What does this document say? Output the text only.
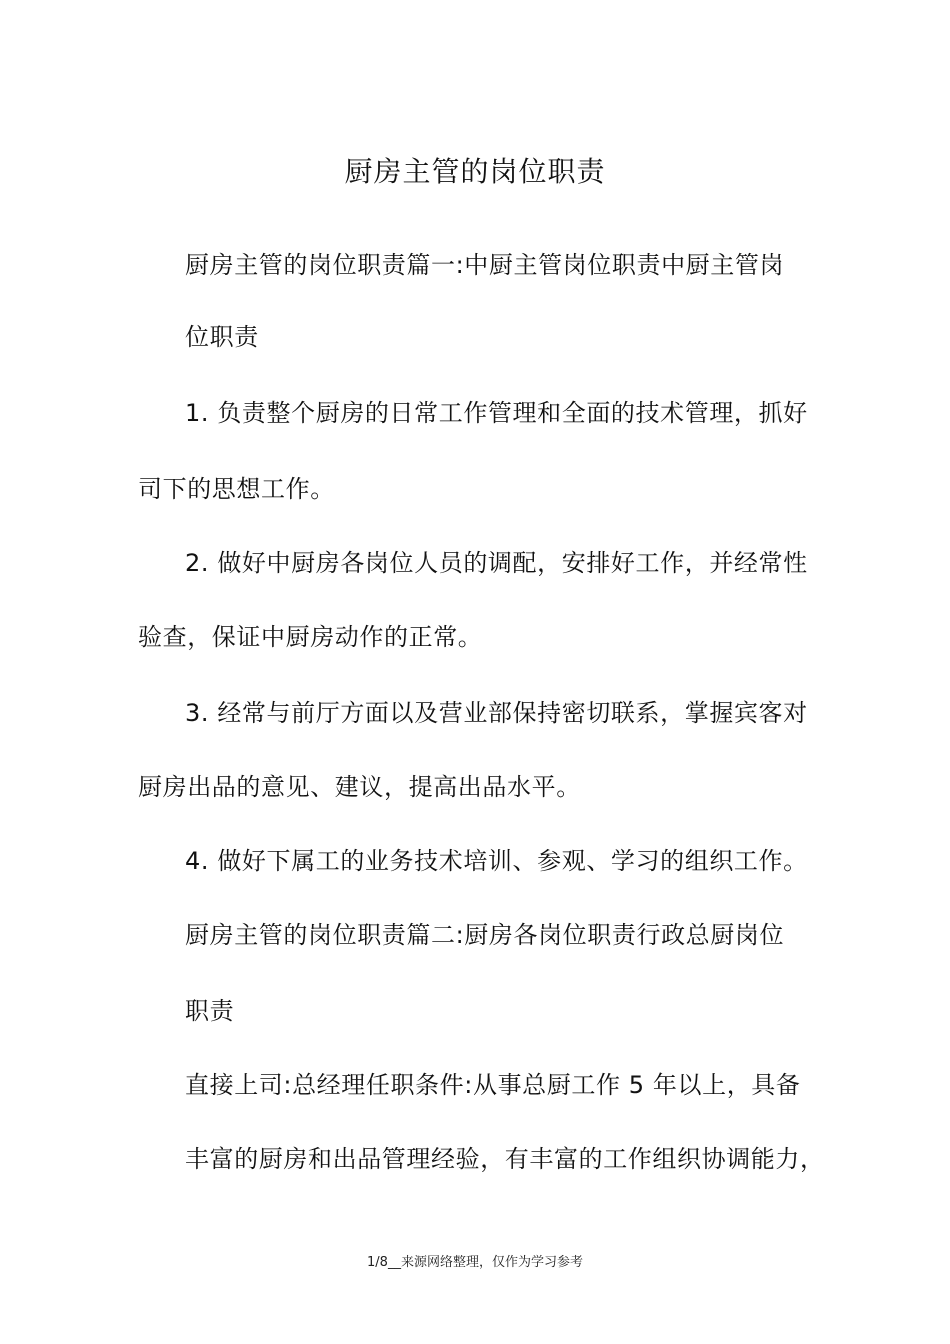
厨房主管的岗位职责
厨房主管的岗位职责篇一:中厨主管岗位职责中厨主管岗
位职责
1. 负责整个厨房的日常工作管理和全面的技术管理，抓好
司下的思想工作。
2. 做好中厨房各岗位人员的调配，安排好工作，并经常性
验查，保证中厨房动作的正常。
3. 经常与前厅方面以及营业部保持密切联系，掌握宾客对
厨房出品的意见、建议，提高出品水平。
4. 做好下属工的业务技术培训、参观、学习的组织工作。
厨房主管的岗位职责篇二:厨房各岗位职责行政总厨岗位
职责
直接上司:总经理任职条件:从事总厨工作 5 年以上，具备
丰富的厨房和出品管理经验，有丰富的工作组织协调能力，
1/8__来源网络整理，仅作为学习参考
